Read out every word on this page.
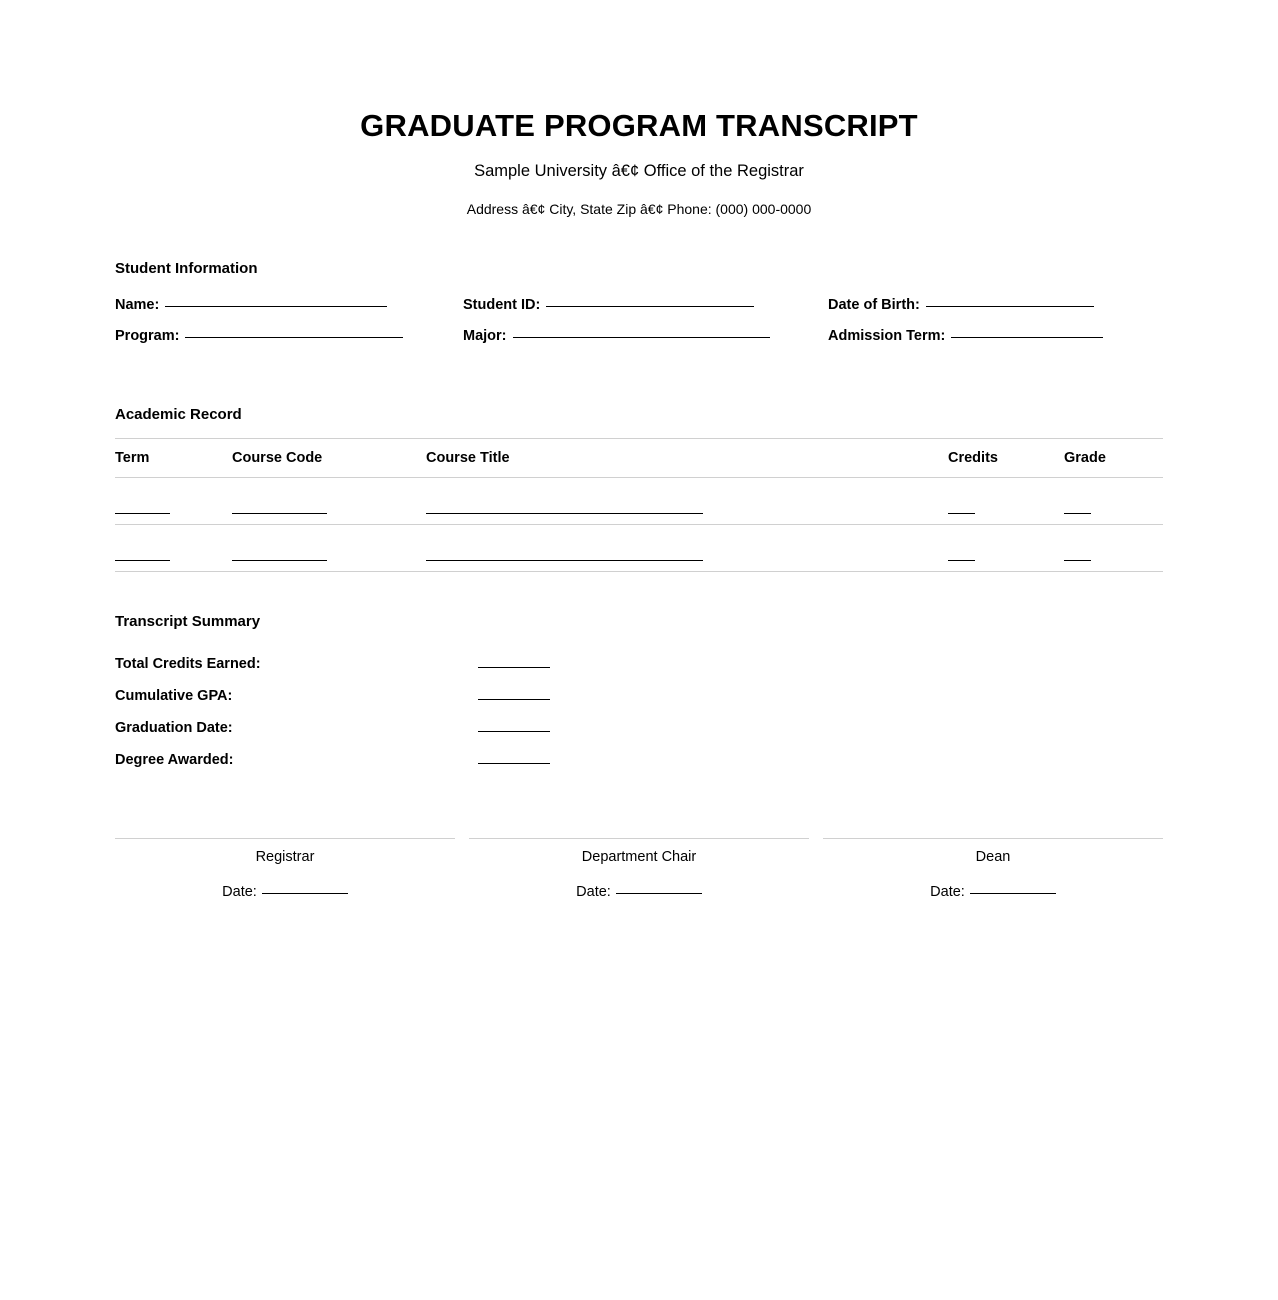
GRADUATE PROGRAM TRANSCRIPT
Sample University â€¢ Office of the Registrar
Address â€¢ City, State Zip â€¢ Phone: (000) 000-0000
Student Information
Name:	Student ID:	Date of Birth:
Program:	Major:	Admission Term:
Academic Record
Term	Course Code	Course Title	Credits	Grade

Transcript Summary
Total Credits Earned:
Cumulative GPA:
Graduation Date:
Degree Awarded:
Registrar
Date:
Department Chair
Date:
Dean
Date:
